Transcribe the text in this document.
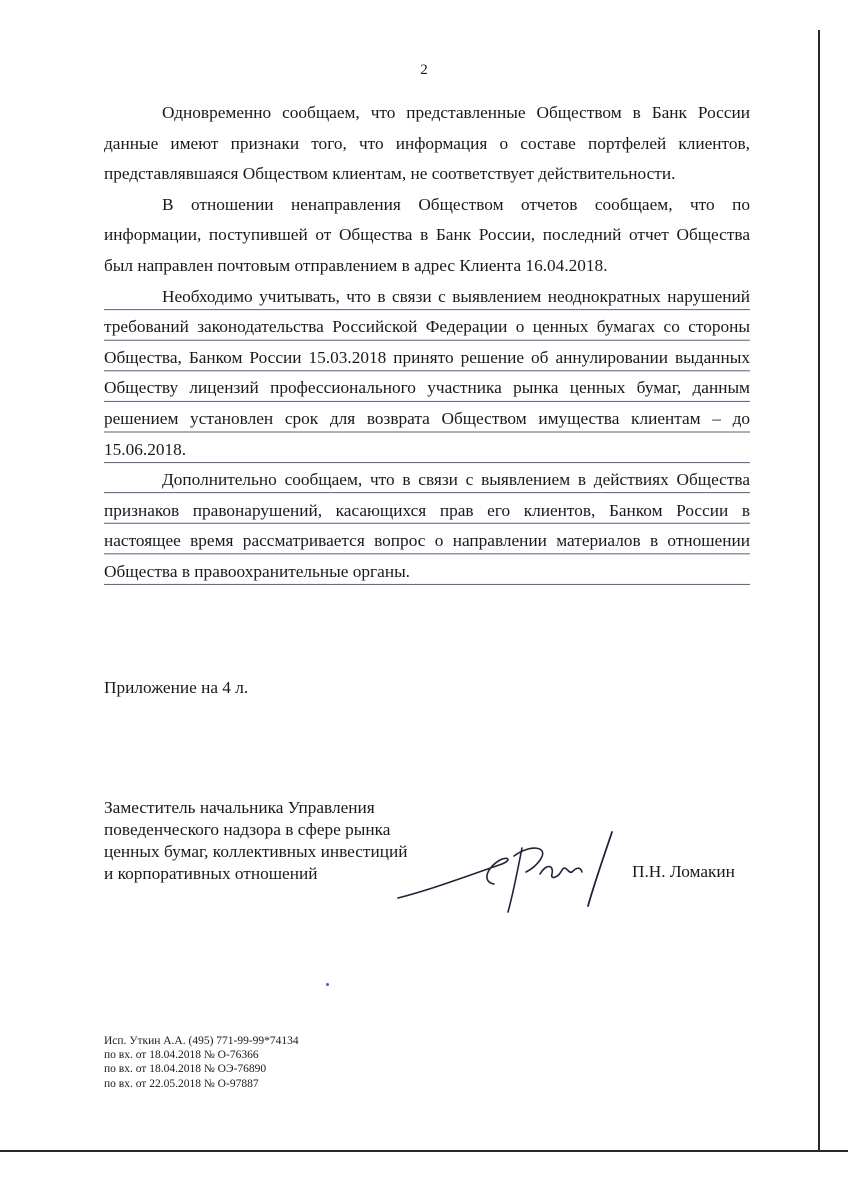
2

Одновременно сообщаем, что представленные Обществом в Банк России данные имеют признаки того, что информация о составе портфелей клиентов, представлявшаяся Обществом клиентам, не соответствует действительности.

В отношении ненаправления Обществом отчетов сообщаем, что по информации, поступившей от Общества в Банк России, последний отчет Общества был направлен почтовым отправлением в адрес Клиента 16.04.2018.

Необходимо учитывать, что в связи с выявлением неоднократных нарушений требований законодательства Российской Федерации о ценных бумагах со стороны Общества, Банком России 15.03.2018 принято решение об аннулировании выданных Обществу лицензий профессионального участника рынка ценных бумаг, данным решением установлен срок для возврата Обществом имущества клиентам – до 15.06.2018.

Дополнительно сообщаем, что в связи с выявлением в действиях Общества признаков правонарушений, касающихся прав его клиентов, Банком России в настоящее время рассматривается вопрос о направлении материалов в отношении Общества в правоохранительные органы.

Приложение на 4 л.
Заместитель начальника Управления
поведенческого надзора в сфере рынка
ценных бумаг, коллективных инвестиций
и корпоративных отношений	П.Н. Ломакин
Исп. Уткин А.А. (495) 771-99-99*74134
по вх. от 18.04.2018 № О-76366
по вх. от 18.04.2018 № ОЭ-76890
по вх. от 22.05.2018 № О-97887
